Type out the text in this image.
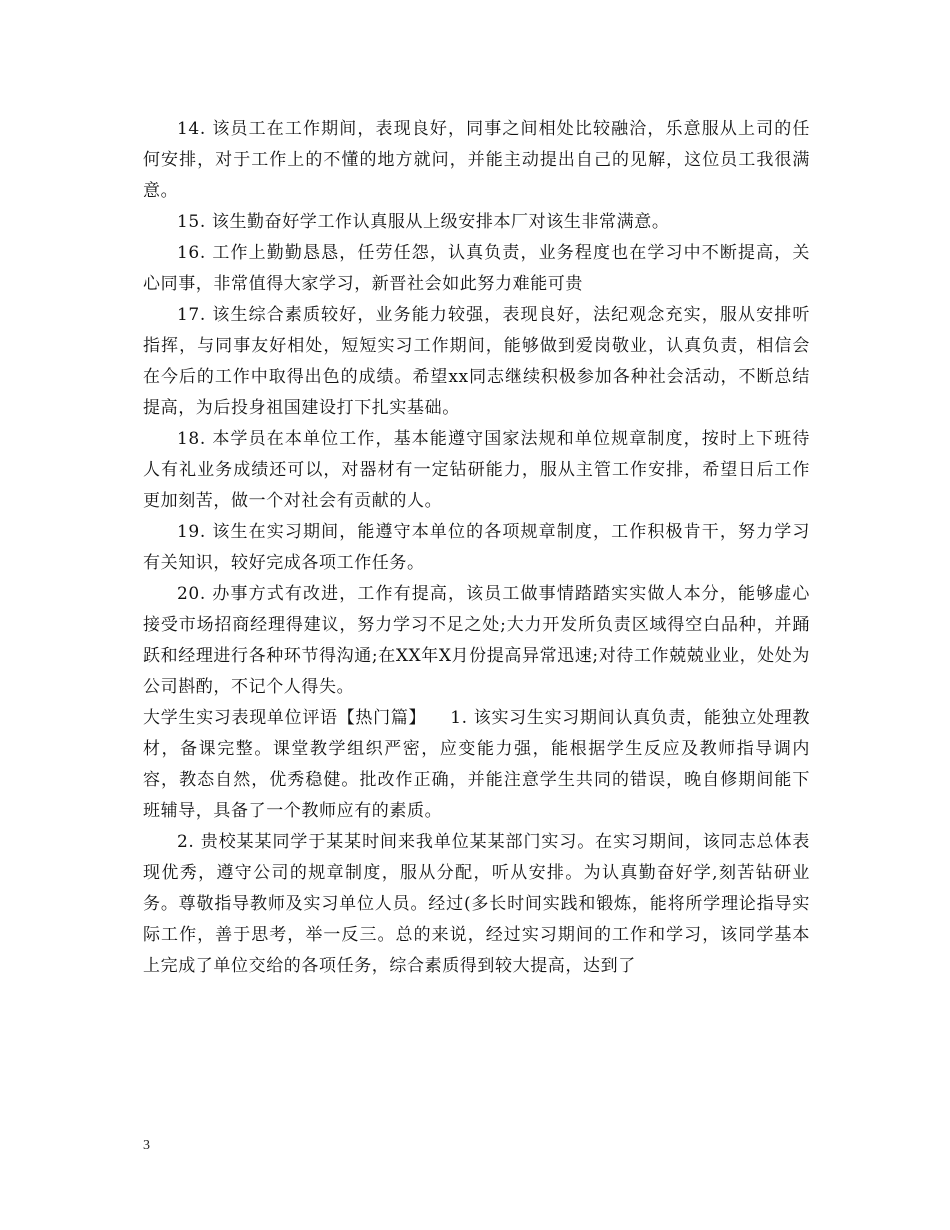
14. 该员工在工作期间，表现良好，同事之间相处比较融洽，乐意服从上司的任何安排，对于工作上的不懂的地方就问，并能主动提出自己的见解，这位员工我很满意。

15. 该生勤奋好学工作认真服从上级安排本厂对该生非常满意。

16. 工作上勤勤恳恳，任劳任怨，认真负责，业务程度也在学习中不断提高，关心同事，非常值得大家学习，新晋社会如此努力难能可贵

17. 该生综合素质较好，业务能力较强，表现良好，法纪观念充实，服从安排听指挥，与同事友好相处，短短实习工作期间，能够做到爱岗敬业，认真负责，相信会在今后的工作中取得出色的成绩。希望xx同志继续积极参加各种社会活动，不断总结提高，为后投身祖国建设打下扎实基础。

18. 本学员在本单位工作，基本能遵守国家法规和单位规章制度，按时上下班待人有礼业务成绩还可以，对器材有一定钻研能力，服从主管工作安排，希望日后工作更加刻苦，做一个对社会有贡献的人。

19. 该生在实习期间，能遵守本单位的各项规章制度，工作积极肯干，努力学习有关知识，较好完成各项工作任务。

20. 办事方式有改进，工作有提高，该员工做事情踏踏实实做人本分，能够虚心接受市场招商经理得建议，努力学习不足之处;大力开发所负责区域得空白品种，并踊跃和经理进行各种环节得沟通;在XX年X月份提高异常迅速;对待工作兢兢业业，处处为公司斟酌，不记个人得失。

大学生实习表现单位评语【热门篇】 1. 该实习生实习期间认真负责，能独立处理教材，备课完整。课堂教学组织严密，应变能力强，能根据学生反应及教师指导调内容，教态自然，优秀稳健。批改作正确，并能注意学生共同的错误，晚自修期间能下班辅导，具备了一个教师应有的素质。

2. 贵校某某同学于某某时间来我单位某某部门实习。在实习期间，该同志总体表现优秀，遵守公司的规章制度，服从分配，听从安排。为认真勤奋好学,刻苦钻研业务。尊敬指导教师及实习单位人员。经过(多长时间实践和锻炼，能将所学理论指导实际工作，善于思考，举一反三。总的来说，经过实习期间的工作和学习，该同学基本上完成了单位交给的各项任务，综合素质得到较大提高，达到了

3
